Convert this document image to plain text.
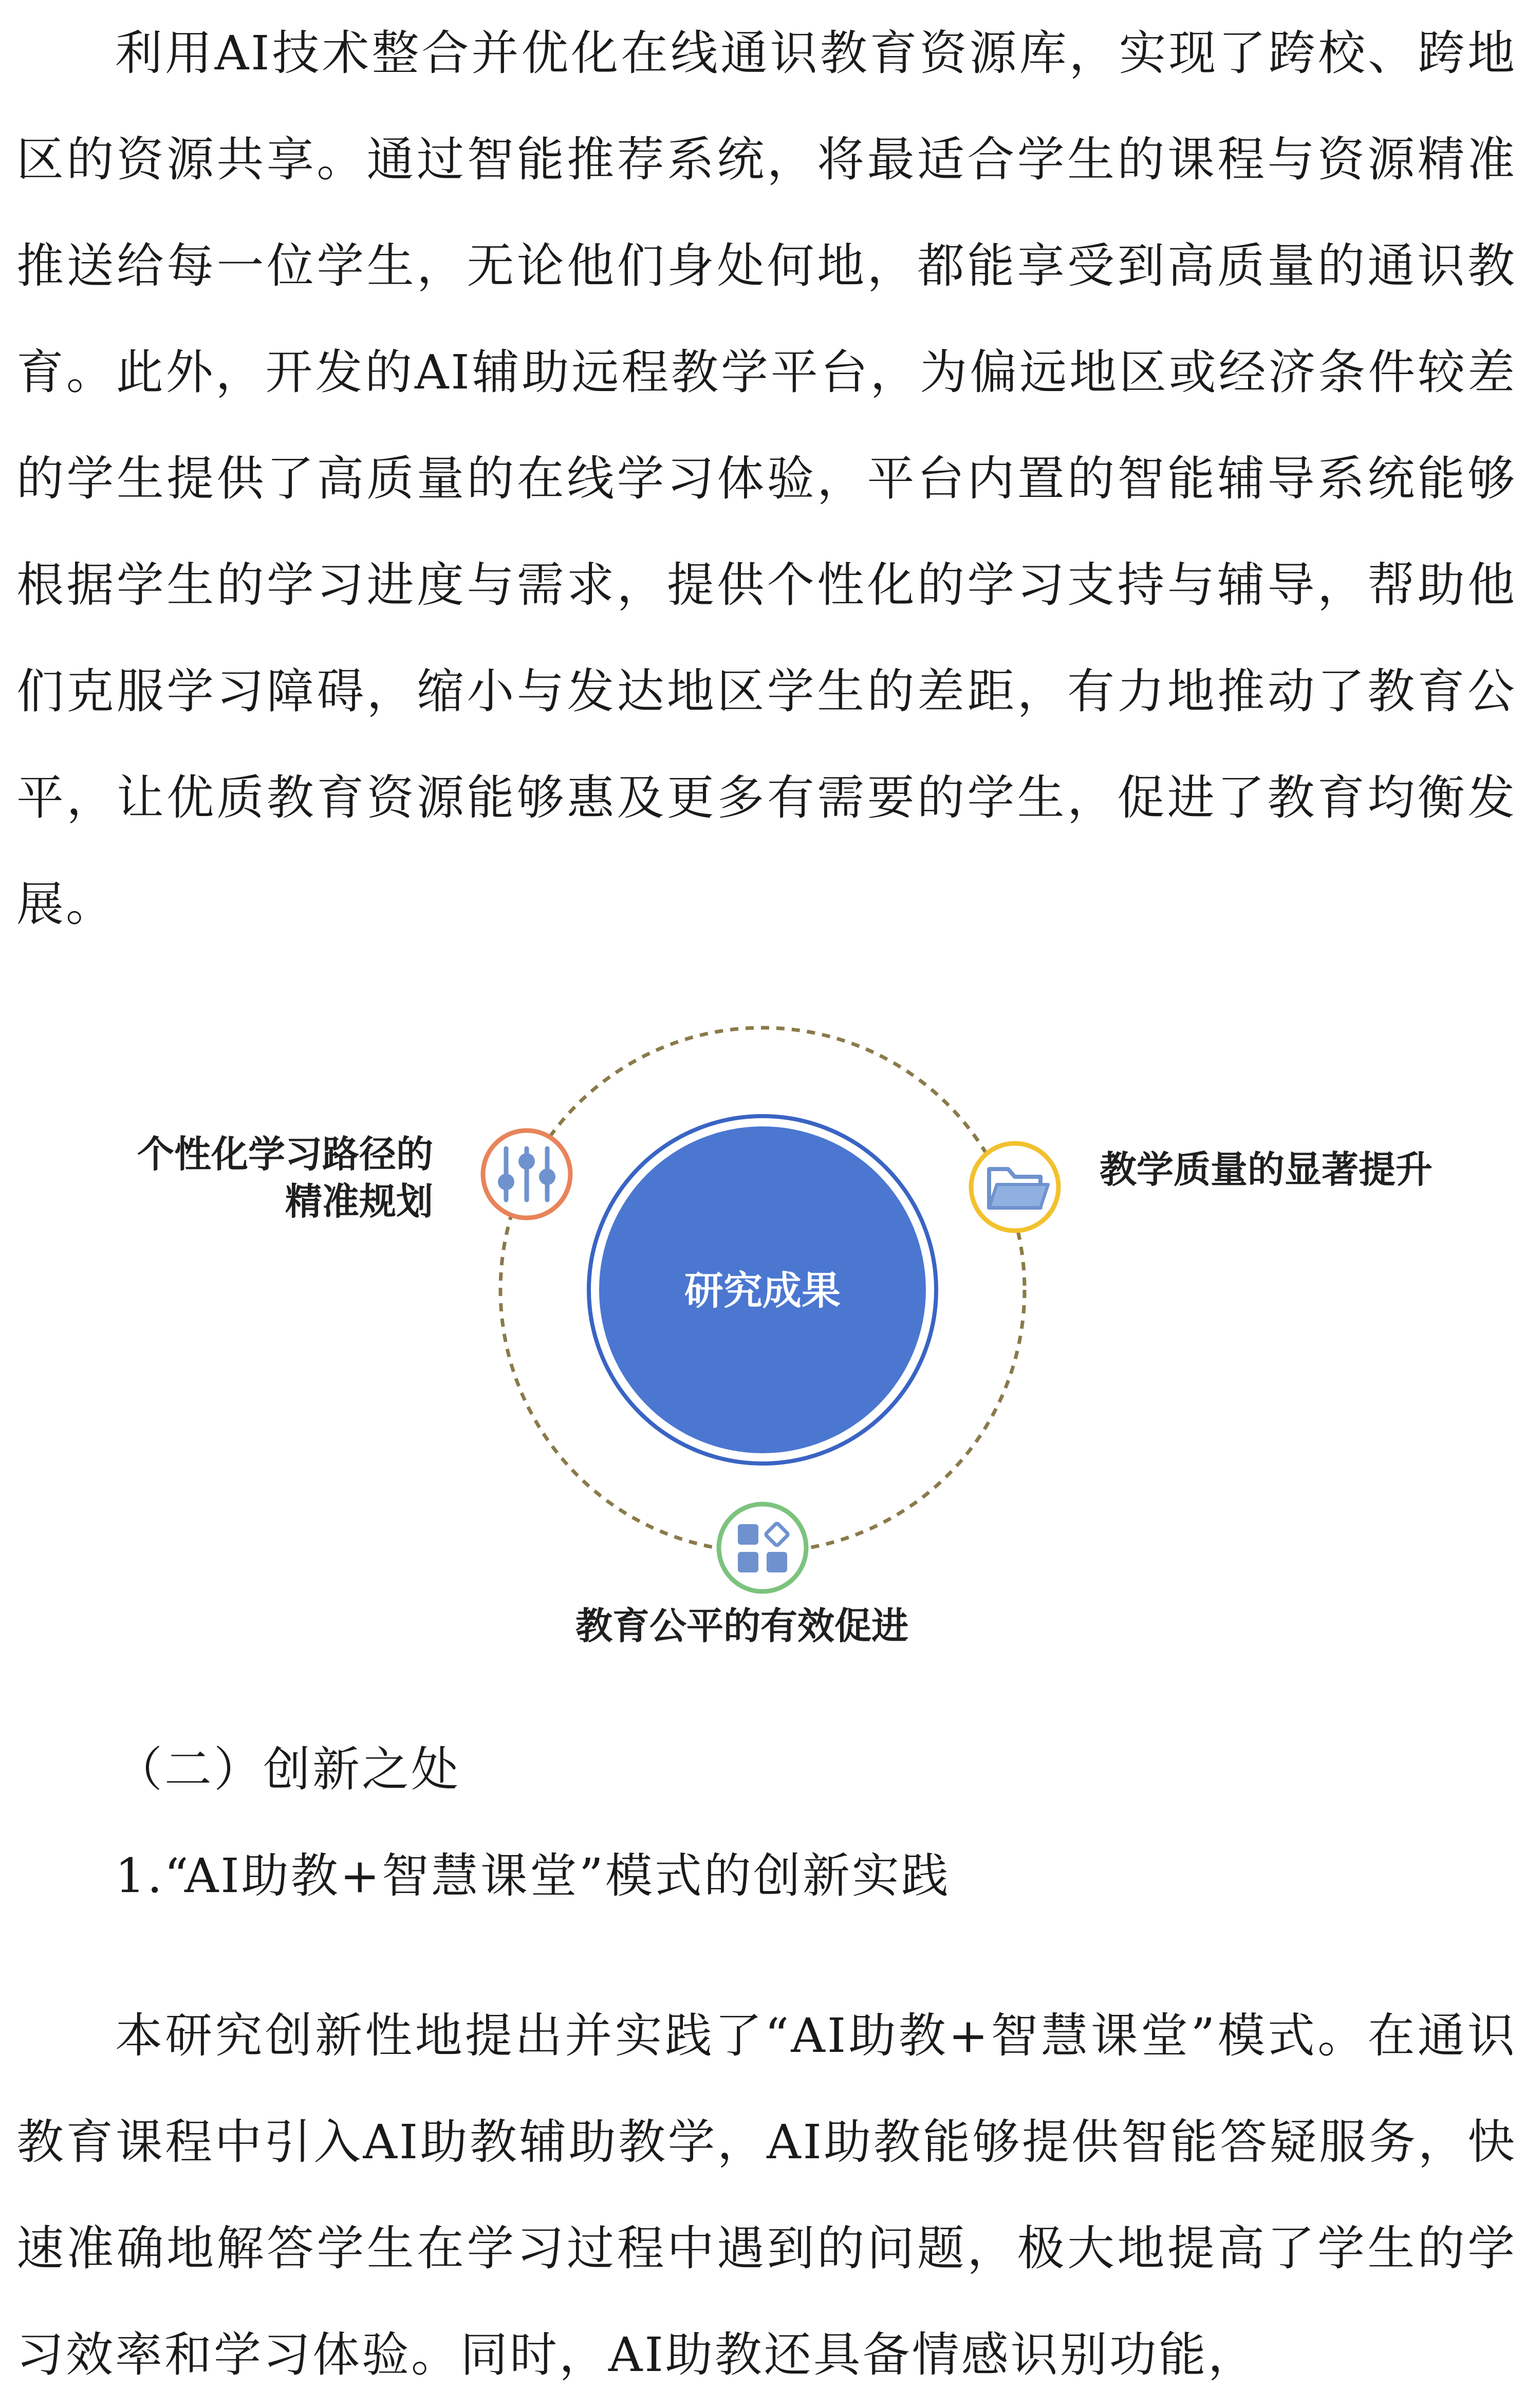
利用AI技术整合并优化在线通识教育资源库，实现了跨校、跨地区的资源共享。通过智能推荐系统，将最适合学生的课程与资源精准推送给每一位学生，无论他们身处何地，都能享受到高质量的通识教育。此外，开发的AI辅助远程教学平台，为偏远地区或经济条件较差的学生提供了高质量的在线学习体验，平台内置的智能辅导系统能够根据学生的学习进度与需求，提供个性化的学习支持与辅导，帮助他们克服学习障碍，缩小与发达地区学生的差距，有力地推动了教育公平，让优质教育资源能够惠及更多有需要的学生，促进了教育均衡发展。

研究成果
个性化学习路径的
精准规划
教学质量的显著提升
教育公平的有效促进

（二）创新之处

1.“AI助教+智慧课堂”模式的创新实践

本研究创新性地提出并实践了“AI助教+智慧课堂”模式。在通识教育课程中引入AI助教辅助教学，AI助教能够提供智能答疑服务，快速准确地解答学生在学习过程中遇到的问题，极大地提高了学生的学习效率和学习体验。同时，AI助教还具备情感识别功能，
